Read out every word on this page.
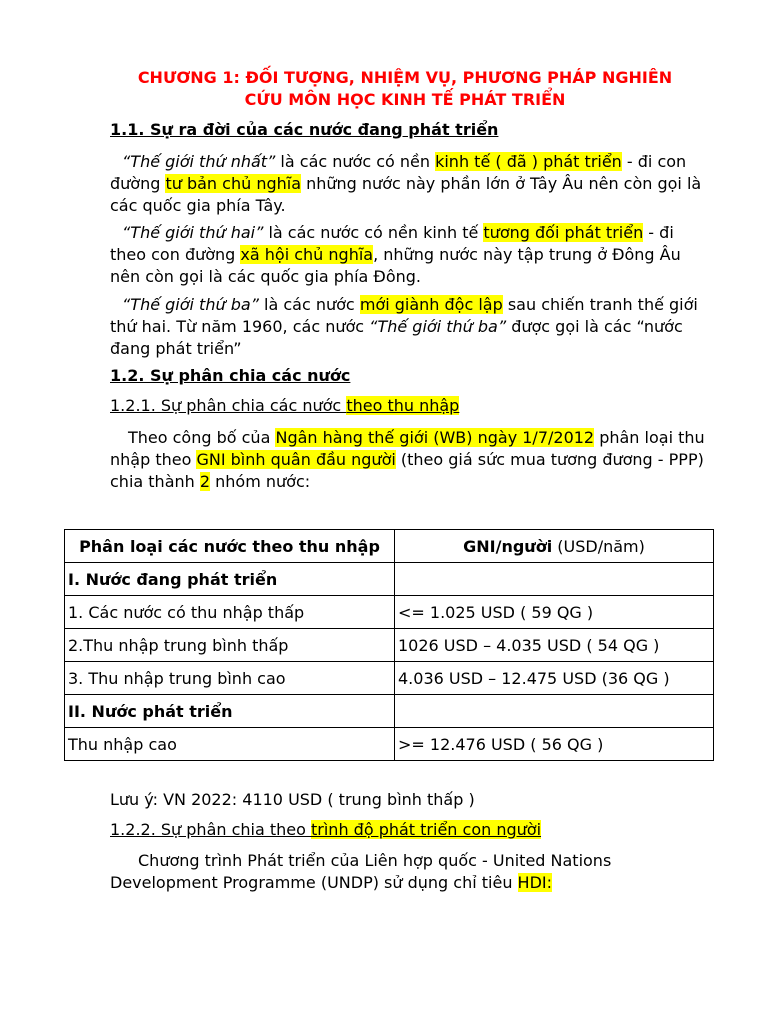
CHƯƠNG 1: ĐỐI TƯỢNG, NHIỆM VỤ, PHƯƠNG PHÁP NGHIÊN
CỨU MÔN HỌC KINH TẾ PHÁT TRIỂN
1.1. Sự ra đời của các nước đang phát triển
“Thế giới thứ nhất” là các nước có nền kinh tế ( đã ) phát triển - đi con đường tư bản chủ nghĩa những nước này phần lớn ở Tây Âu nên còn gọi là các quốc gia phía Tây.
“Thế giới thứ hai” là các nước có nền kinh tế tương đối phát triển - đi theo con đường xã hội chủ nghĩa, những nước này tập trung ở Đông Âu nên còn gọi là các quốc gia phía Đông.
“Thế giới thứ ba” là các nước mới giành độc lập sau chiến tranh thế giới thứ hai. Từ năm 1960, các nước “Thế giới thứ ba” được gọi là các “nước đang phát triển”
1.2. Sự phân chia các nước
1.2.1. Sự phân chia các nước theo thu nhập
Theo công bố của Ngân hàng thế giới (WB) ngày 1/7/2012 phân loại thu nhập theo GNI bình quân đầu người (theo giá sức mua tương đương - PPP) chia thành 2 nhóm nước:
Phân loại các nước theo thu nhập	GNI/người (USD/năm)
I. Nước đang phát triển	
1. Các nước có thu nhập thấp	<= 1.025 USD ( 59 QG )
2.Thu nhập trung bình thấp	1026 USD – 4.035 USD ( 54 QG )
3. Thu nhập trung bình cao	4.036 USD – 12.475 USD (36 QG )
II. Nước phát triển	
Thu nhập cao	>= 12.476 USD ( 56 QG )
Lưu ý: VN 2022: 4110 USD ( trung bình thấp )
1.2.2. Sự phân chia theo trình độ phát triển con người
Chương trình Phát triển của Liên hợp quốc - United Nations Development Programme (UNDP) sử dụng chỉ tiêu HDI:
